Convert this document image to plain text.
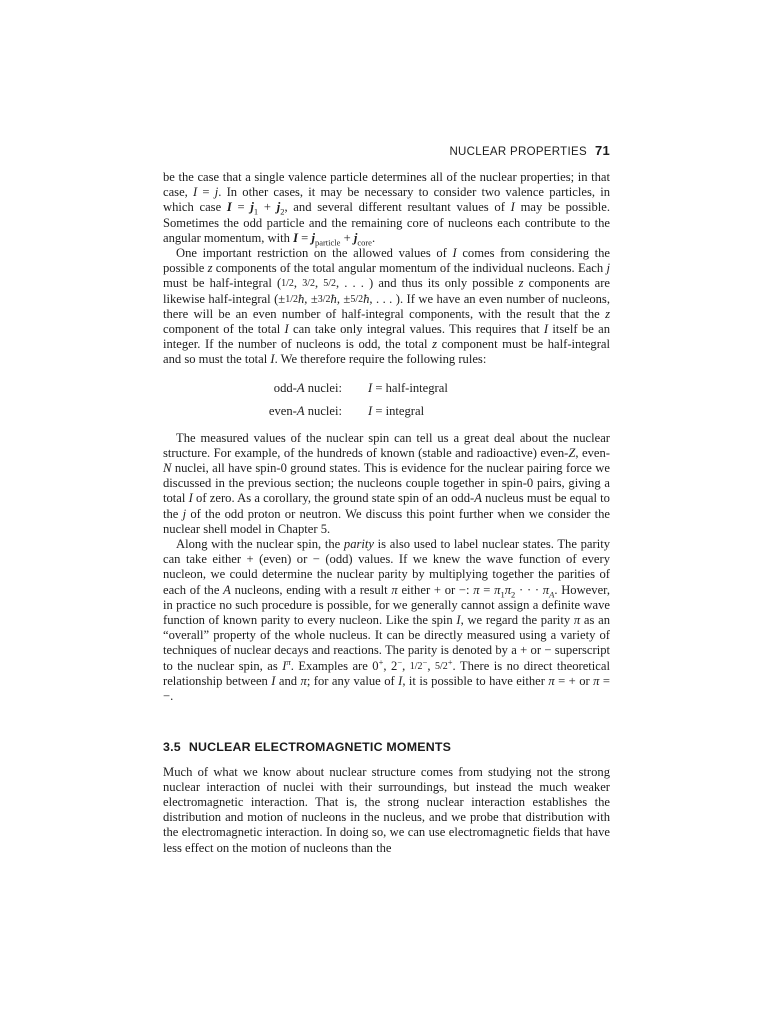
NUCLEAR PROPERTIES 71

be the case that a single valence particle determines all of the nuclear properties; in that case, I = j. In other cases, it may be necessary to consider two valence particles, in which case $I = j_1 + j_2$, and several different resultant values of I may be possible. Sometimes the odd particle and the remaining core of nucleons each contribute to the angular momentum, with $I = j_{particle} + j_{core}$.

One important restriction on the allowed values of I comes from considering the possible z components of the total angular momentum of the individual nucleons. Each j must be half-integral (1/2, 3/2, 5/2, . . . ) and thus its only possible z components are likewise half-integral (±1/2ħ, ±3/2ħ, ±5/2ħ, . . . ). If we have an even number of nucleons, there will be an even number of half-integral components, with the result that the z component of the total I can take only integral values. This requires that I itself be an integer. If the number of nucleons is odd, the total z component must be half-integral and so must the total I. We therefore require the following rules:

odd-A nuclei:	I = half-integral
even-A nuclei:	I = integral

The measured values of the nuclear spin can tell us a great deal about the nuclear structure. For example, of the hundreds of known (stable and radioactive) even-Z, even-N nuclei, all have spin-0 ground states. This is evidence for the nuclear pairing force we discussed in the previous section; the nucleons couple together in spin-0 pairs, giving a total I of zero. As a corollary, the ground state spin of an odd-A nucleus must be equal to the j of the odd proton or neutron. We discuss this point further when we consider the nuclear shell model in Chapter 5.

Along with the nuclear spin, the parity is also used to label nuclear states. The parity can take either + (even) or − (odd) values. If we knew the wave function of every nucleon, we could determine the nuclear parity by multiplying together the parities of each of the A nucleons, ending with a result π either + or −: $\pi = \pi_1\pi_2$ · · · $\pi_A$. However, in practice no such procedure is possible, for we generally cannot assign a definite wave function of known parity to every nucleon. Like the spin I, we regard the parity π as an “overall” property of the whole nucleus. It can be directly measured using a variety of techniques of nuclear decays and reactions. The parity is denoted by a + or − superscript to the nuclear spin, as $I^\pi$. Examples are 0+, 2−, 1/2−, 5/2+. There is no direct theoretical relationship between I and π; for any value of I, it is possible to have either π = + or π = −.

3.5 NUCLEAR ELECTROMAGNETIC MOMENTS

Much of what we know about nuclear structure comes from studying not the strong nuclear interaction of nuclei with their surroundings, but instead the much weaker electromagnetic interaction. That is, the strong nuclear interaction establishes the distribution and motion of nucleons in the nucleus, and we probe that distribution with the electromagnetic interaction. In doing so, we can use electromagnetic fields that have less effect on the motion of nucleons than the
